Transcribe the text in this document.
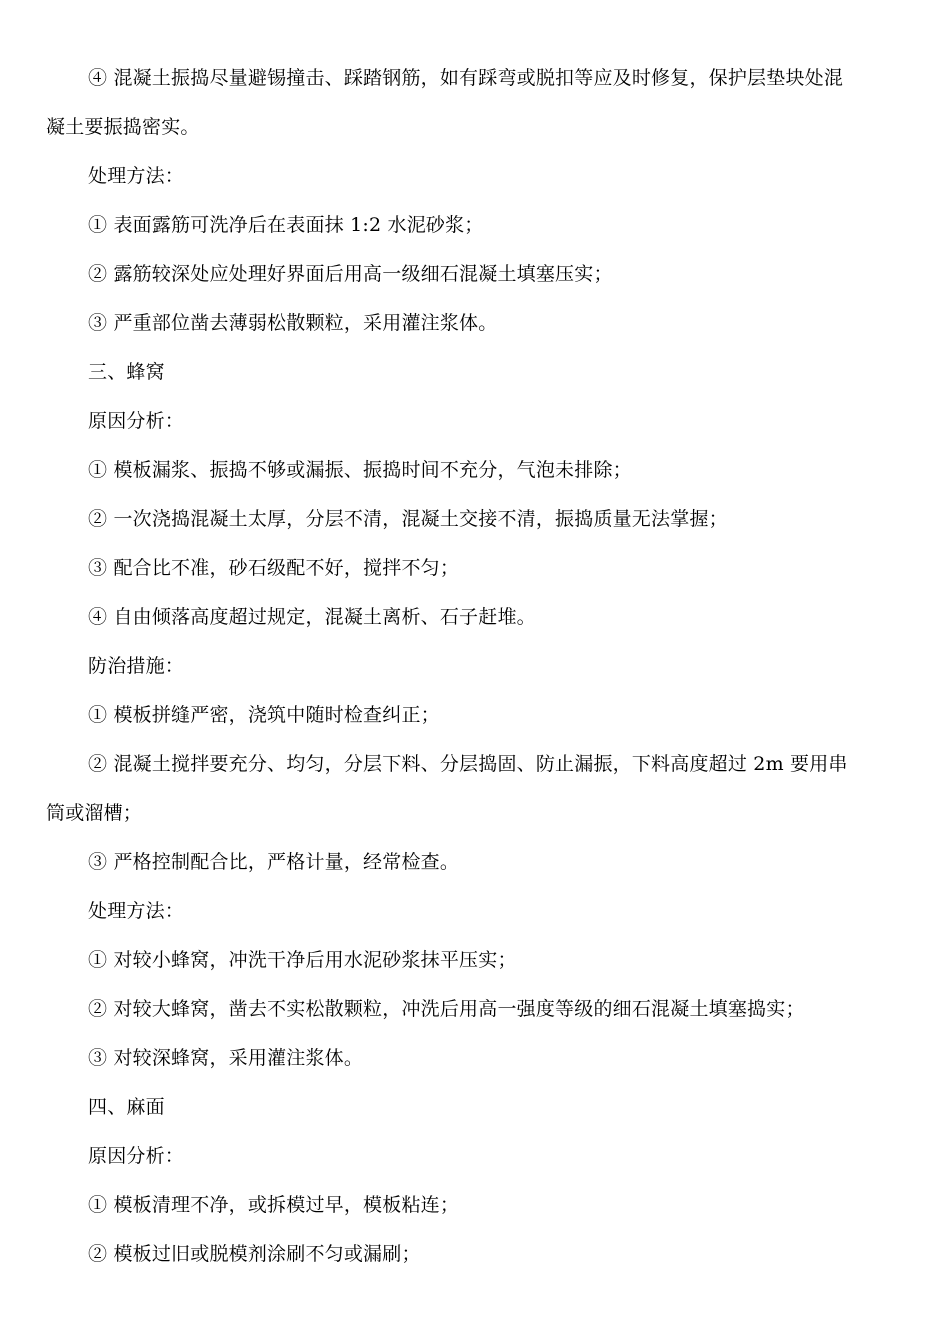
④ 混凝土振捣尽量避锡撞击、踩踏钢筋，如有踩弯或脱扣等应及时修复，保护层垫块处混
凝土要振捣密实。
处理方法：
① 表面露筋可洗净后在表面抹 1:2 水泥砂浆；
② 露筋较深处应处理好界面后用高一级细石混凝土填塞压实；
③ 严重部位凿去薄弱松散颗粒，采用灌注浆体。
三、蜂窝
原因分析：
① 模板漏浆、振捣不够或漏振、振捣时间不充分，气泡未排除；
② 一次浇捣混凝土太厚，分层不清，混凝土交接不清，振捣质量无法掌握；
③ 配合比不准，砂石级配不好，搅拌不匀；
④ 自由倾落高度超过规定，混凝土离析、石子赶堆。
防治措施：
① 模板拼缝严密，浇筑中随时检查纠正；
② 混凝土搅拌要充分、均匀，分层下料、分层捣固、防止漏振，下料高度超过 2m 要用串
筒或溜槽；
③ 严格控制配合比，严格计量，经常检查。
处理方法：
① 对较小蜂窝，冲洗干净后用水泥砂浆抹平压实；
② 对较大蜂窝，凿去不实松散颗粒，冲洗后用高一强度等级的细石混凝土填塞捣实；
③ 对较深蜂窝，采用灌注浆体。
四、麻面
原因分析：
① 模板清理不净，或拆模过早，模板粘连；
② 模板过旧或脱模剂涂刷不匀或漏刷；
